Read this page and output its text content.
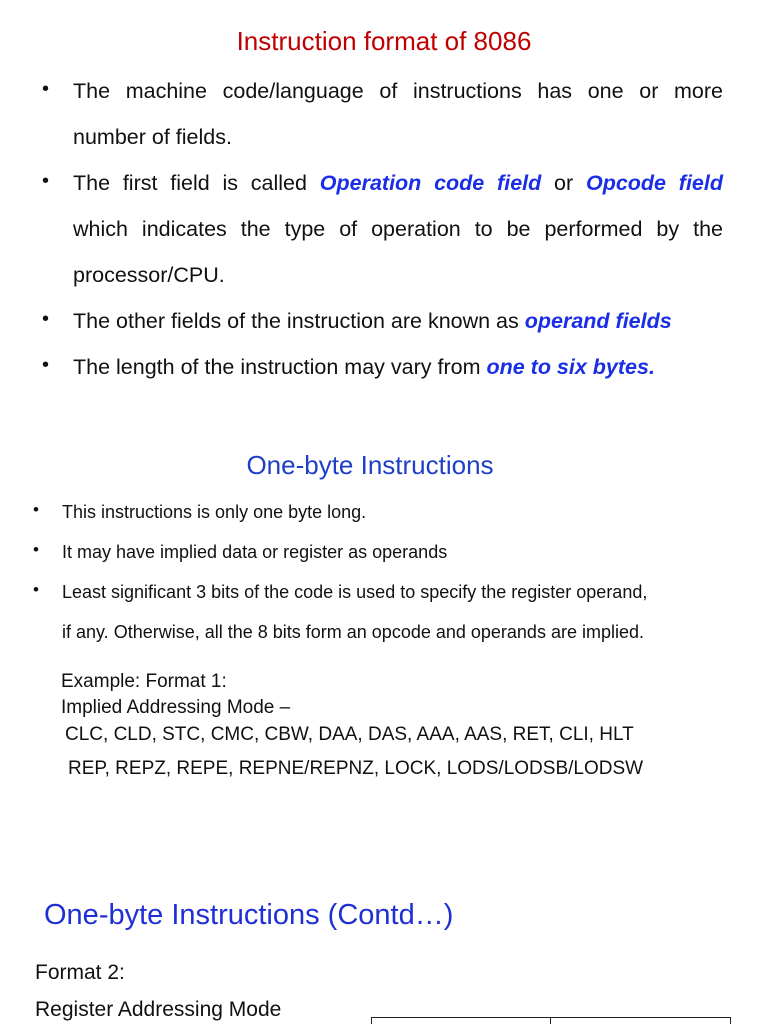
Instruction format of 8086
• The machine code/language of instructions has one or more
number of fields.
• The first field is called Operation code field or Opcode field
which indicates the type of operation to be performed by the
processor/CPU.
• The other fields of the instruction are known as operand fields
• The length of the instruction may vary from one to six bytes.
One-byte Instructions
• This instructions is only one byte long.
• It may have implied data or register as operands
• Least significant 3 bits of the code is used to specify the register operand,
if any. Otherwise, all the 8 bits form an opcode and operands are implied.
Example: Format 1:
Implied Addressing Mode –
CLC, CLD, STC, CMC, CBW, DAA, DAS, AAA, AAS, RET, CLI, HLT
REP, REPZ, REPE, REPNE/REPNZ, LOCK, LODS/LODSB/LODSW
One-byte Instructions (Contd…)
Format 2:
Register Addressing Mode
